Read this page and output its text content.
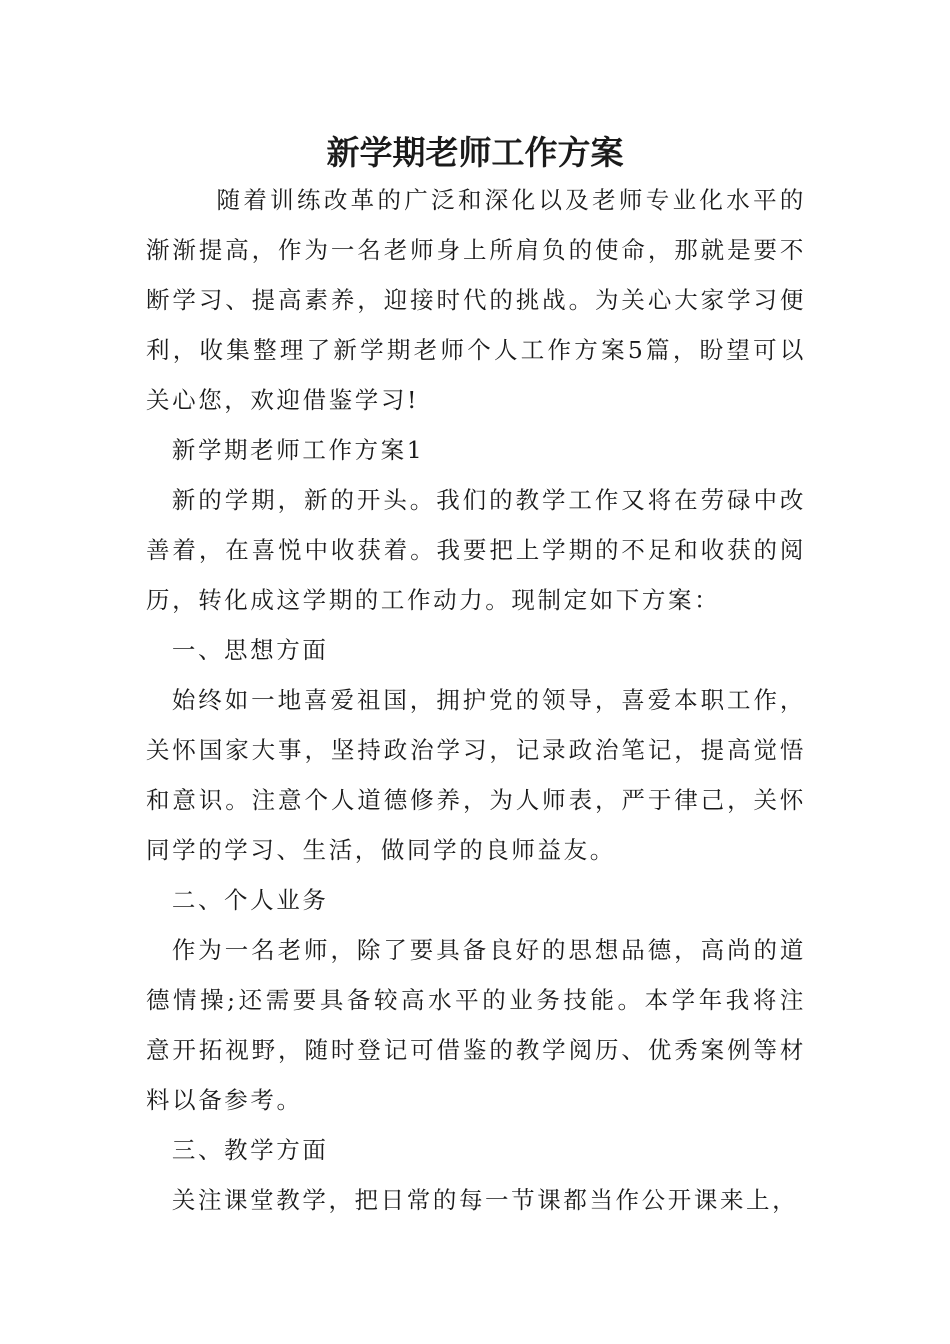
新学期老师工作方案

随着训练改革的广泛和深化以及老师专业化水平的渐渐提高，作为一名老师身上所肩负的使命，那就是要不断学习、提高素养，迎接时代的挑战。为关心大家学习便利，收集整理了新学期老师个人工作方案5篇，盼望可以关心您，欢迎借鉴学习!

新学期老师工作方案1

新的学期，新的开头。我们的教学工作又将在劳碌中改善着，在喜悦中收获着。我要把上学期的不足和收获的阅历，转化成这学期的工作动力。现制定如下方案：

一、思想方面

始终如一地喜爱祖国，拥护党的领导，喜爱本职工作，关怀国家大事，坚持政治学习，记录政治笔记，提高觉悟和意识。注意个人道德修养，为人师表，严于律己，关怀同学的学习、生活，做同学的良师益友。

二、个人业务

作为一名老师，除了要具备良好的思想品德，高尚的道德情操;还需要具备较高水平的业务技能。本学年我将注意开拓视野，随时登记可借鉴的教学阅历、优秀案例等材料以备参考。

三、教学方面

关注课堂教学，把日常的每一节课都当作公开课来上，
